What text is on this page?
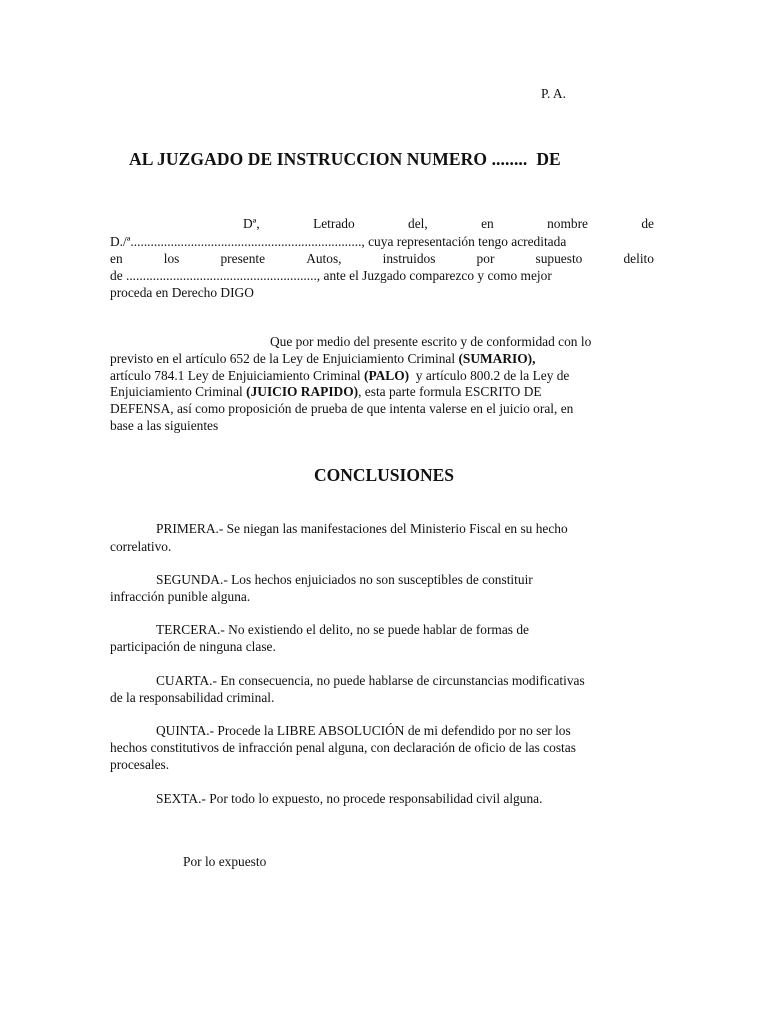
P. A.
AL JUZGADO DE INSTRUCCION NUMERO ........  DE
Dª,	Letrado	del,	en	nombre	de
D./ª....................................................................., cuya representación tengo acreditada
en	los	presente	Autos,	instruidos	por	supuesto	delito
de ........................................................., ante el Juzgado comparezco y como mejor
proceda en Derecho DIGO
Que por medio del presente escrito y de conformidad con lo
previsto en el artículo 652 de la Ley de Enjuiciamiento Criminal (SUMARIO),
artículo 784.1 Ley de Enjuiciamiento Criminal (PALO)  y artículo 800.2 de la Ley de
Enjuiciamiento Criminal (JUICIO RAPIDO), esta parte formula ESCRITO DE
DEFENSA, así como proposición de prueba de que intenta valerse en el juicio oral, en
base a las siguientes
CONCLUSIONES
PRIMERA.- Se niegan las manifestaciones del Ministerio Fiscal en su hecho
correlativo.
SEGUNDA.- Los hechos enjuiciados no son susceptibles de constituir
infracción punible alguna.
TERCERA.- No existiendo el delito, no se puede hablar de formas de
participación de ninguna clase.
CUARTA.- En consecuencia, no puede hablarse de circunstancias modificativas
de la responsabilidad criminal.
QUINTA.- Procede la LIBRE ABSOLUCIÓN de mi defendido por no ser los
hechos constitutivos de infracción penal alguna, con declaración de oficio de las costas
procesales.
SEXTA.- Por todo lo expuesto, no procede responsabilidad civil alguna.
Por lo expuesto
